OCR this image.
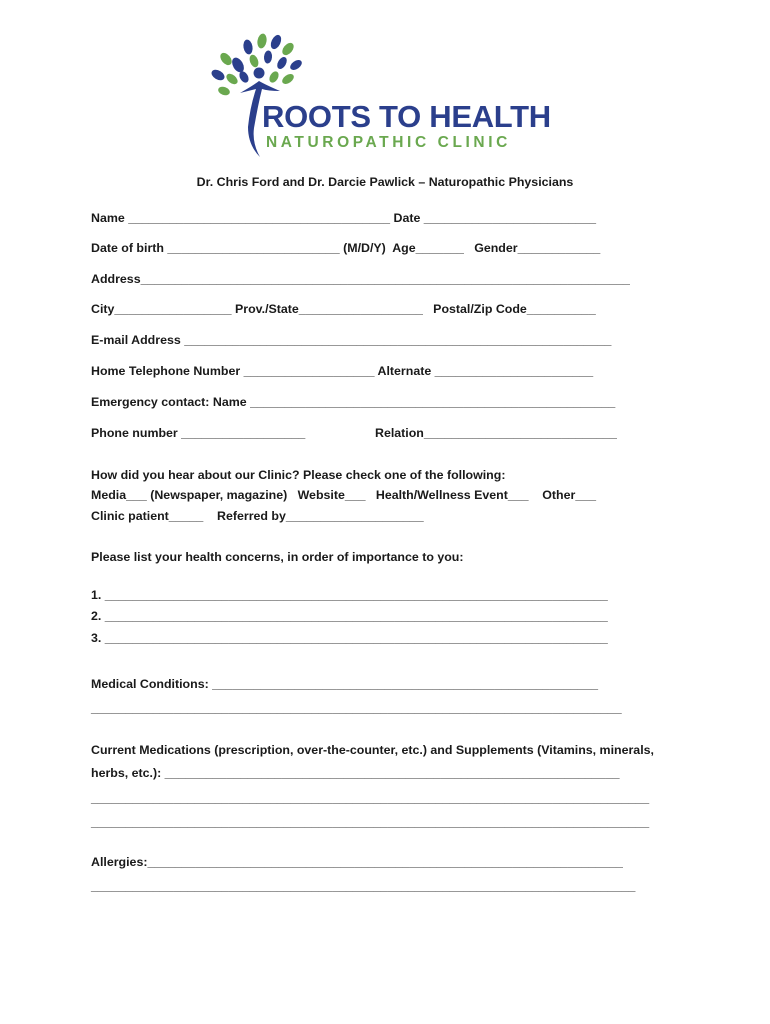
ROOTS TO HEALTH
NATUROPATHIC CLINIC
Dr. Chris Ford and Dr. Darcie Pawlick – Naturopathic Physicians
Name ______________________________________ Date _________________________
Date of birth _________________________ (M/D/Y)  Age_______   Gender____________
Address_______________________________________________________________________
City_________________ Prov./State__________________   Postal/Zip Code__________
E-mail Address ______________________________________________________________
Home Telephone Number ___________________ Alternate _______________________
Emergency contact: Name _____________________________________________________
Phone number __________________	Relation____________________________
How did you hear about our Clinic? Please check one of the following:
Media___ (Newspaper, magazine)   Website___   Health/Wellness Event___    Other___
Clinic patient_____    Referred by____________________
Please list your health concerns, in order of importance to you:
1. _________________________________________________________________________
2. _________________________________________________________________________
3. _________________________________________________________________________
Medical Conditions: ________________________________________________________
_____________________________________________________________________________
Current Medications (prescription, over-the-counter, etc.) and Supplements (Vitamins, minerals,
herbs, etc.): __________________________________________________________________
_________________________________________________________________________________
_________________________________________________________________________________
Allergies:_____________________________________________________________________
_______________________________________________________________________________
